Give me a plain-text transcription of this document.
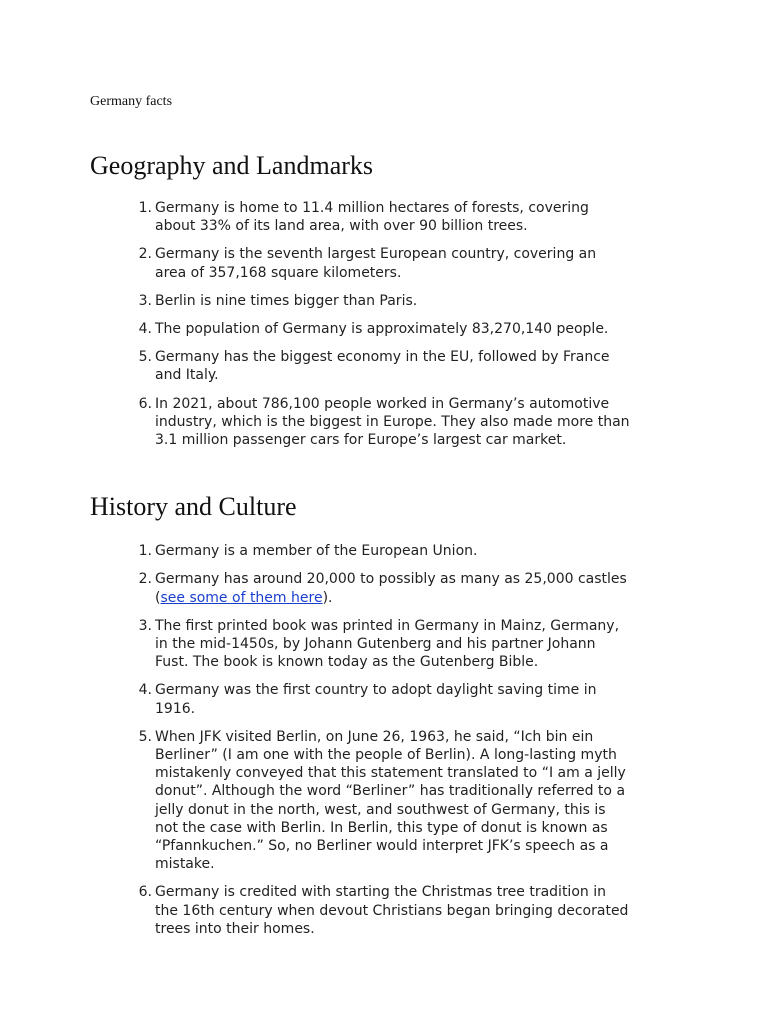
Germany facts

Geography and Landmarks
1. Germany is home to 11.4 million hectares of forests, covering about 33% of its land area, with over 90 billion trees.
2. Germany is the seventh largest European country, covering an area of 357,168 square kilometers.
3. Berlin is nine times bigger than Paris.
4. The population of Germany is approximately 83,270,140 people.
5. Germany has the biggest economy in the EU, followed by France and Italy.
6. In 2021, about 786,100 people worked in Germany’s automotive industry, which is the biggest in Europe. They also made more than 3.1 million passenger cars for Europe’s largest car market.
History and Culture
1. Germany is a member of the European Union.
2. Germany has around 20,000 to possibly as many as 25,000 castles (see some of them here).
3. The first printed book was printed in Germany in Mainz, Germany, in the mid-1450s, by Johann Gutenberg and his partner Johann Fust. The book is known today as the Gutenberg Bible.
4. Germany was the first country to adopt daylight saving time in 1916.
5. When JFK visited Berlin, on June 26, 1963, he said, “Ich bin ein Berliner” (I am one with the people of Berlin). A long-lasting myth mistakenly conveyed that this statement translated to “I am a jelly donut”. Although the word “Berliner” has traditionally referred to a jelly donut in the north, west, and southwest of Germany, this is not the case with Berlin. In Berlin, this type of donut is known as “Pfannkuchen.” So, no Berliner would interpret JFK’s speech as a mistake.
6. Germany is credited with starting the Christmas tree tradition in the 16th century when devout Christians began bringing decorated trees into their homes.
